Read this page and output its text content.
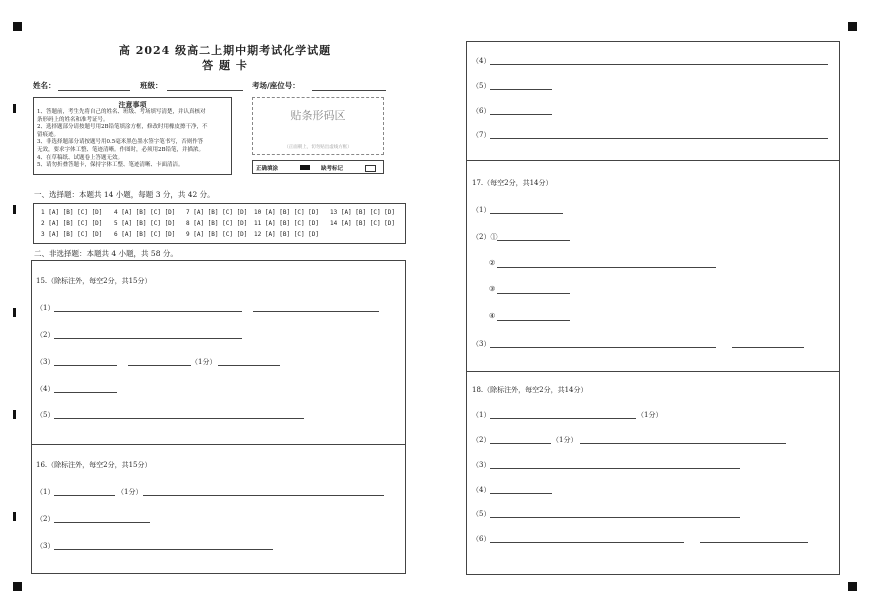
高 2024 级高二上期中期考试化学试题
答 题 卡
姓名：	班级：	考场/座位号：
注意事项
1、答题前，考生先将自己的姓名、班级、考场填写清楚，并认真核对
条形码上的姓名和准考证号。
2、选择题部分请按题号用2B铅笔填涂方框，修改时用橡皮擦干净，不
留痕迹。
3、非选择题部分请按题号用0.5毫米黑色墨水签字笔书写，否则作答
无效，要求字体工整、笔迹清晰。作图时，必须用2B铅笔，并描浓。
4、在草稿纸、试题卷上答题无效。
5、请勿折叠答题卡，保持字体工整、笔迹清晰、卡面清洁。
贴条形码区
（正面朝上，切勿贴出虚线方框）
正确填涂	缺考标记
一、选择题：本题共 14 小题，每题 3 分，共 42 分。
1 [A] [B] [C] [D] 4 [A] [B] [C] [D] 7 [A] [B] [C] [D] 10 [A] [B] [C] [D] 13 [A] [B] [C] [D]
2 [A] [B] [C] [D] 5 [A] [B] [C] [D] 8 [A] [B] [C] [D] 11 [A] [B] [C] [D] 14 [A] [B] [C] [D]
3 [A] [B] [C] [D] 6 [A] [B] [C] [D] 9 [A] [B] [C] [D] 12 [A] [B] [C] [D]
二、非选择题：本题共 4 小题，共 58 分。
15.（除标注外，每空2分，共15分）
（1）
（2）
（3）	（1分）
（4）
（5）
16.（除标注外，每空2分，共15分）
（1）	（1分）
（2）
（3）
（4）
（5）
（6）
（7）
17.（每空2分，共14分）
（1）
（2）①
②
③
④
（3）
18.（除标注外，每空2分，共14分）
（1）	（1分）
（2）	（1分）
（3）
（4）
（5）
（6）
